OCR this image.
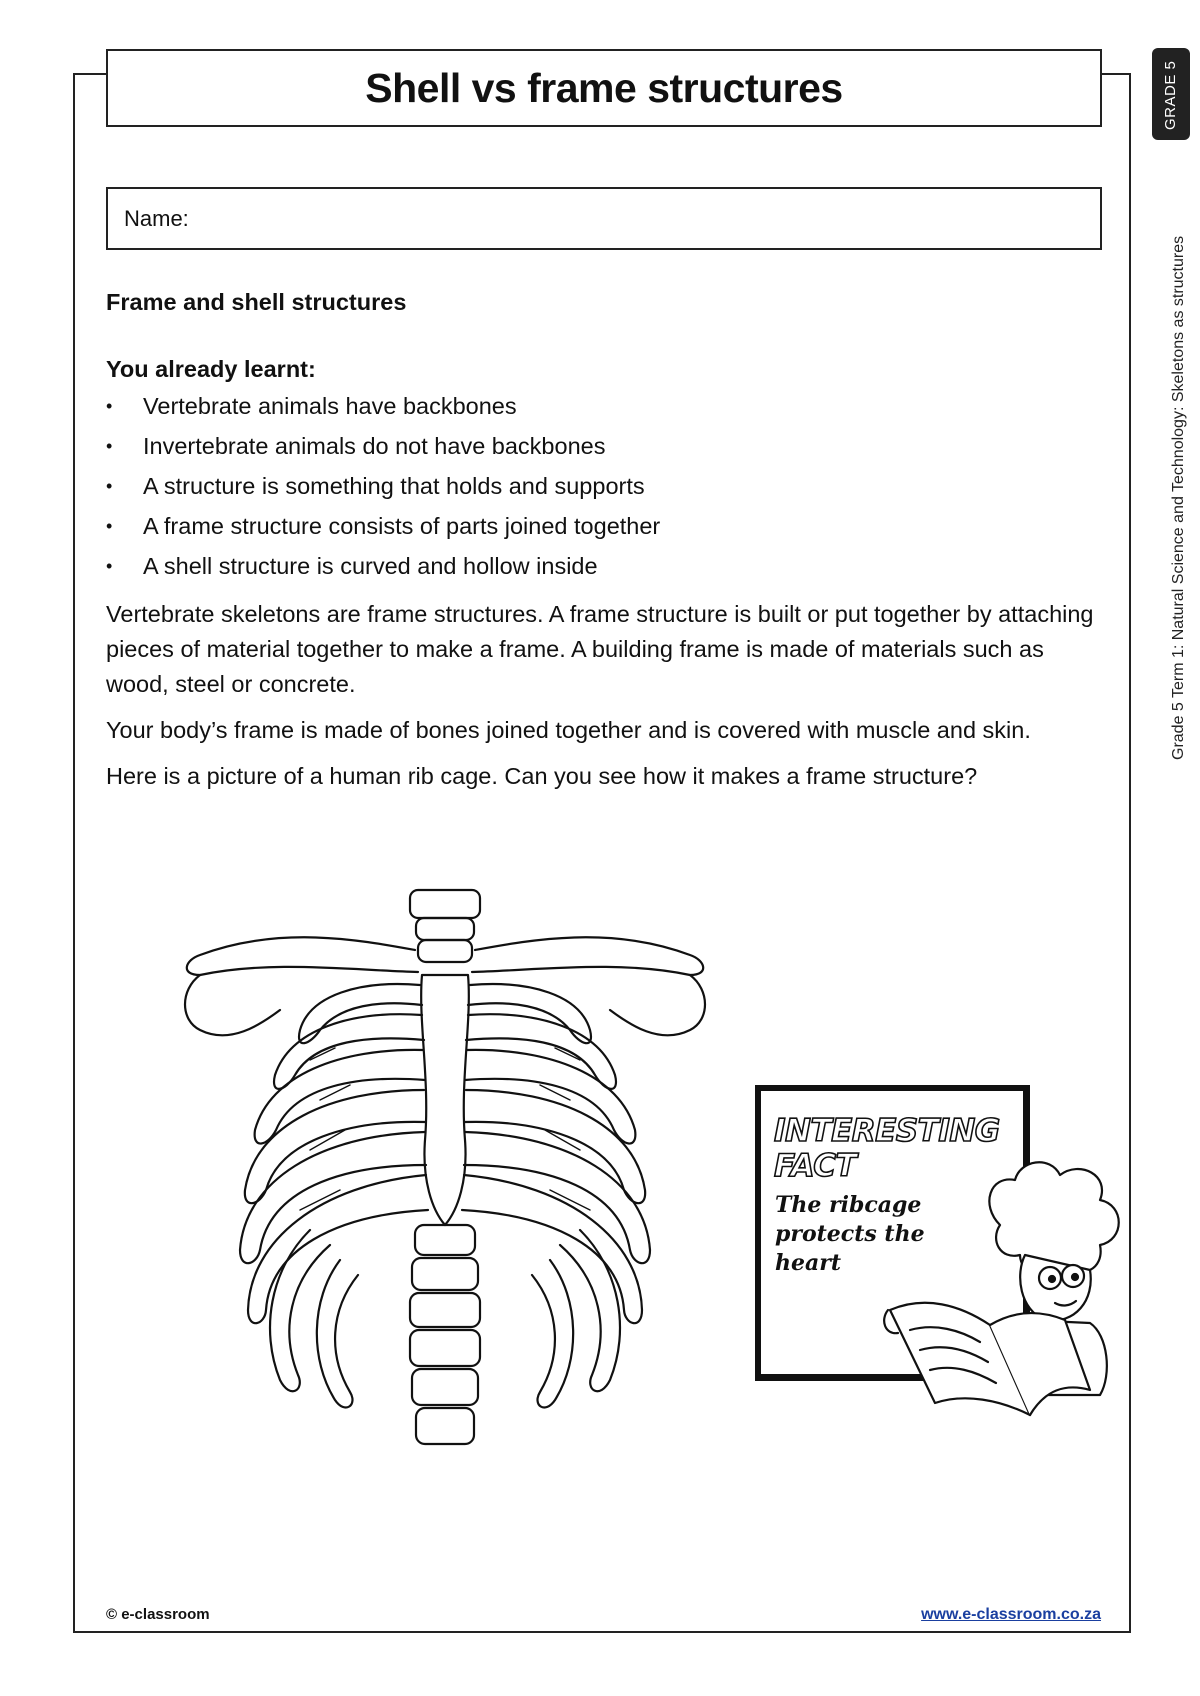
Shell vs frame structures
Name:
Frame and shell structures
You already learnt:
• Vertebrate animals have backbones
• Invertebrate animals do not have backbones
• A structure is something that holds and supports
• A frame structure consists of parts joined together
• A shell structure is curved and hollow inside

Vertebrate skeletons are frame structures. A frame structure is built or put together by attaching pieces of material together to make a frame. A building frame is made of materials such as wood, steel or concrete.

Your body’s frame is made of bones joined together and is covered with muscle and skin.

Here is a picture of a human rib cage. Can you see how it makes a frame structure?

INTERESTING
FACT
The ribcage protects the heart
GRADE 5
Grade 5 Term 1: Natural Science and Technology: Skeletons as structures
© e-classroom	www.e-classroom.co.za
